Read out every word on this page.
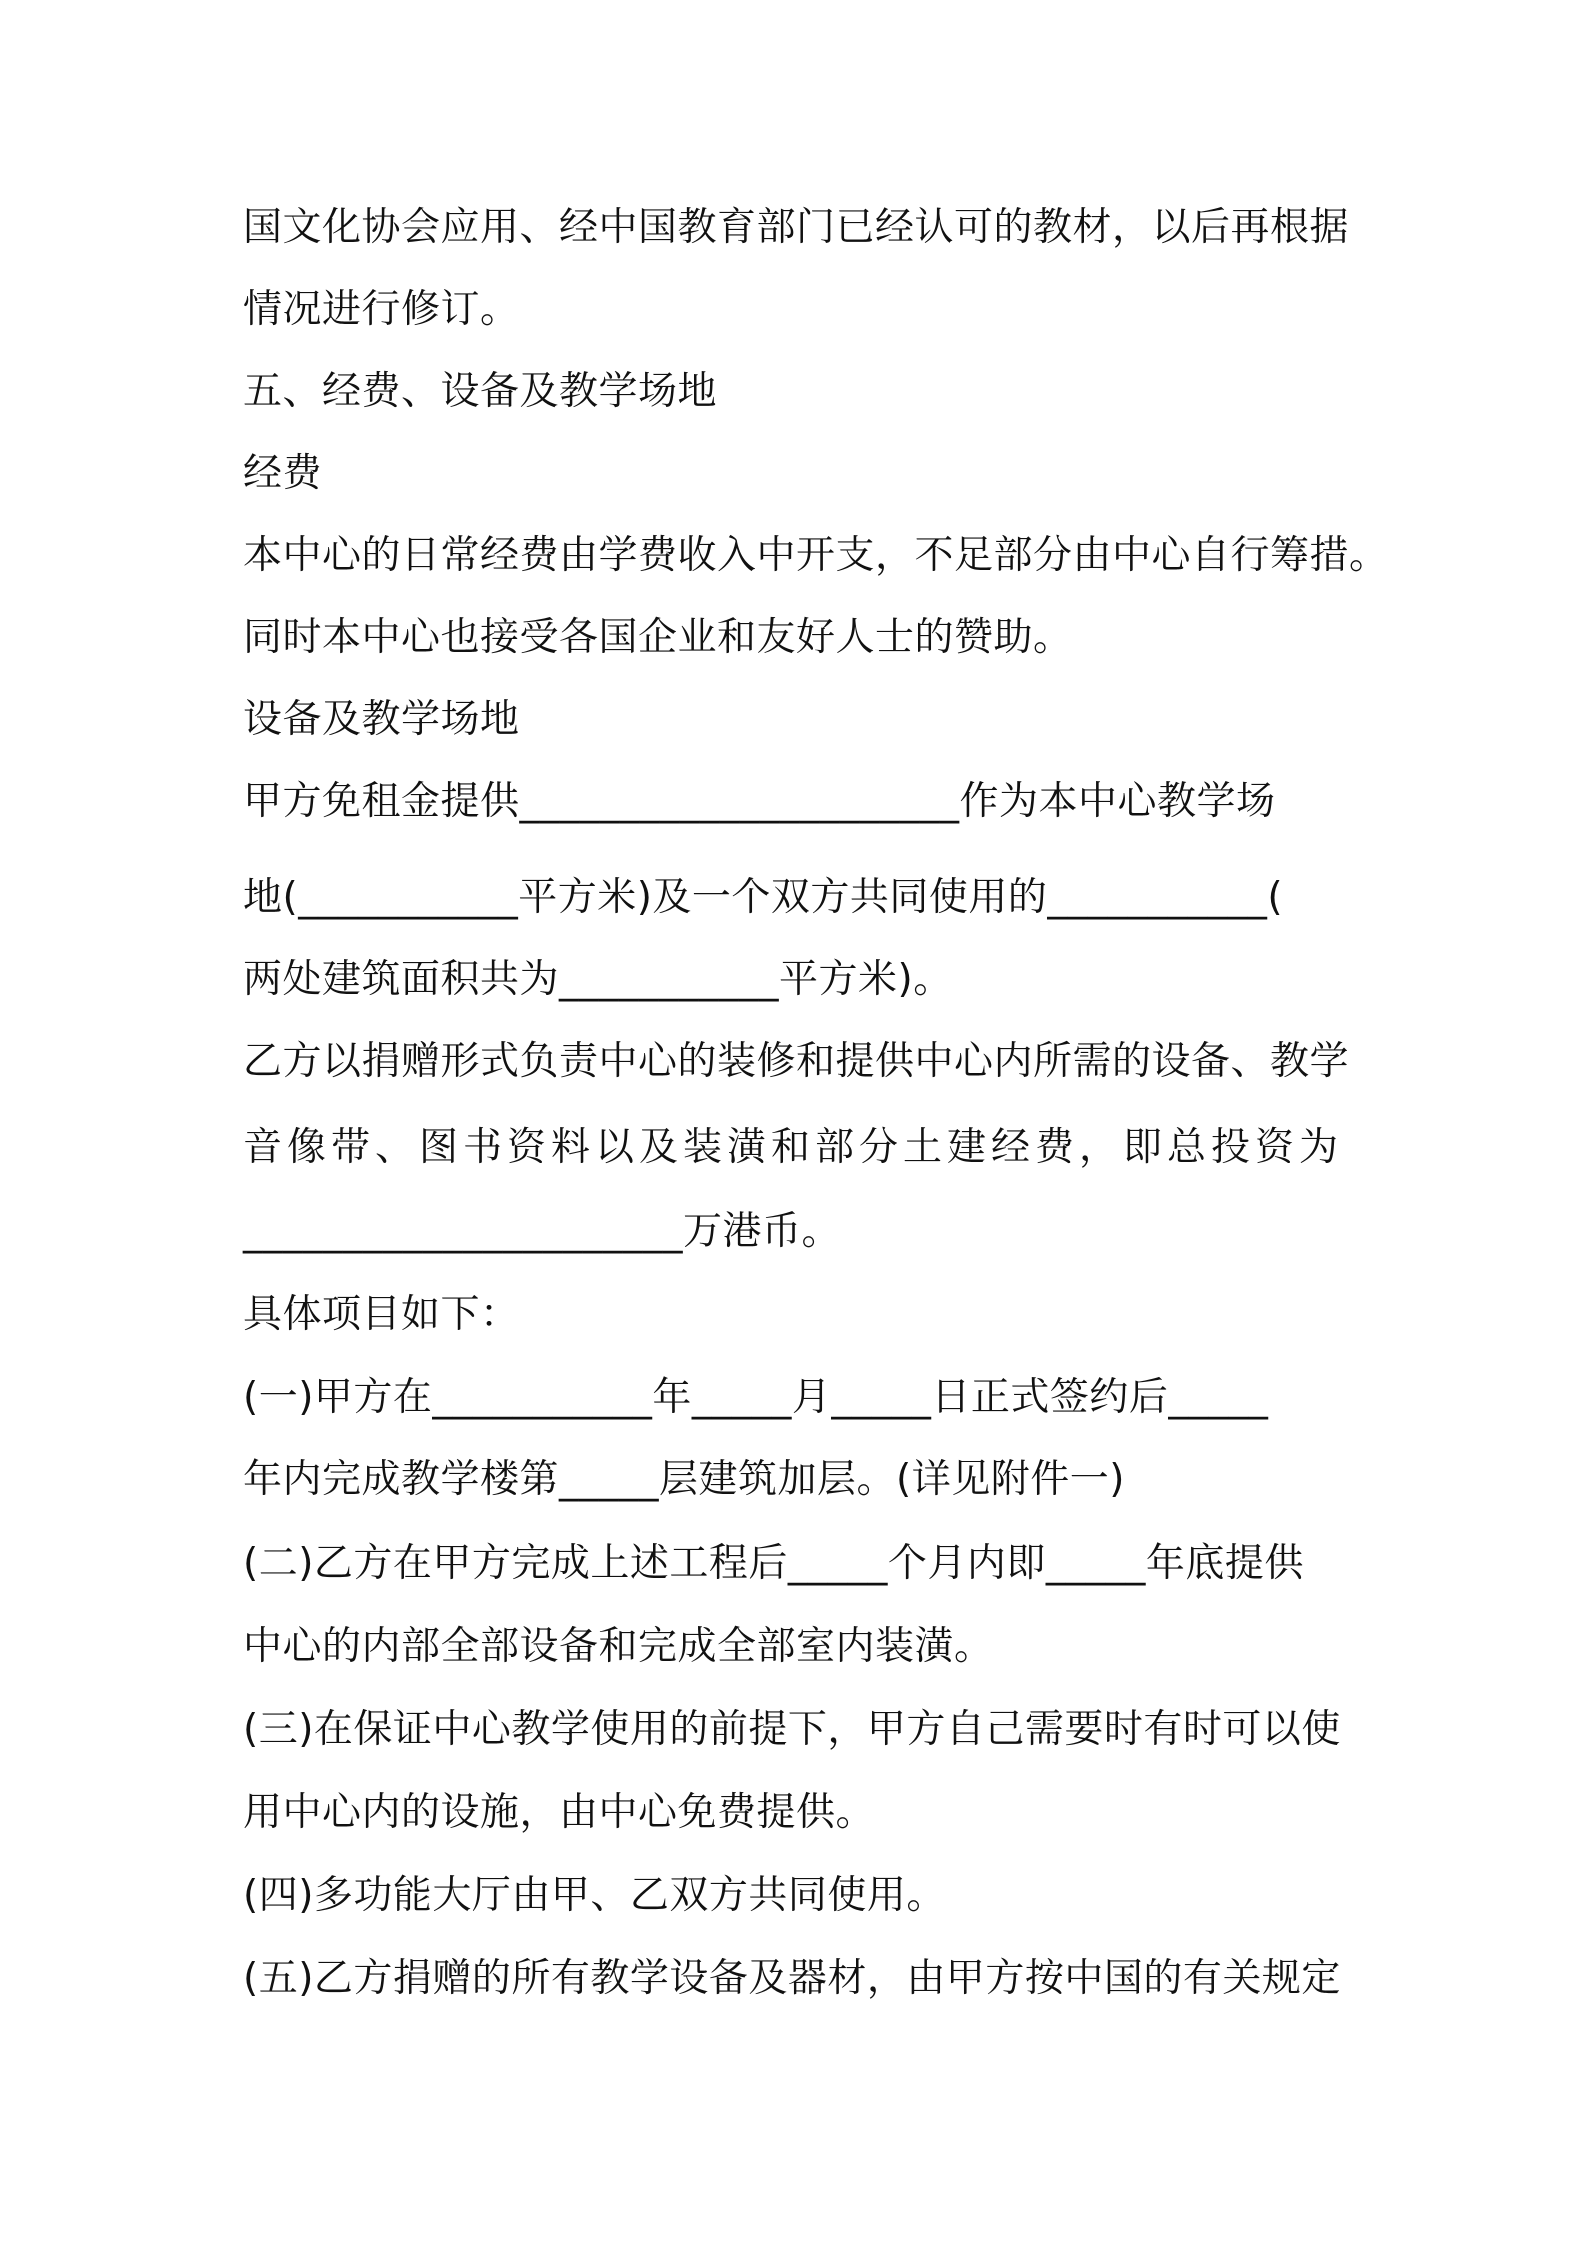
国文化协会应用、经中国教育部门已经认可的教材，以后再根据
情况进行修订。
五、经费、设备及教学场地
经费
本中心的日常经费由学费收入中开支，不足部分由中心自行筹措。
同时本中心也接受各国企业和友好人士的赞助。
设备及教学场地
甲方免租金提供______________________作为本中心教学场
地(___________平方米)及一个双方共同使用的___________(
两处建筑面积共为___________平方米)。
乙方以捐赠形式负责中心的装修和提供中心内所需的设备、教学
音像带、图书资料以及装潢和部分土建经费，即总投资为
______________________万港币。
具体项目如下：
(一)甲方在___________年_____月_____日正式签约后_____
年内完成教学楼第_____层建筑加层。(详见附件一)
(二)乙方在甲方完成上述工程后_____个月内即_____年底提供
中心的内部全部设备和完成全部室内装潢。
(三)在保证中心教学使用的前提下，甲方自己需要时有时可以使
用中心内的设施，由中心免费提供。
(四)多功能大厅由甲、乙双方共同使用。
(五)乙方捐赠的所有教学设备及器材，由甲方按中国的有关规定
